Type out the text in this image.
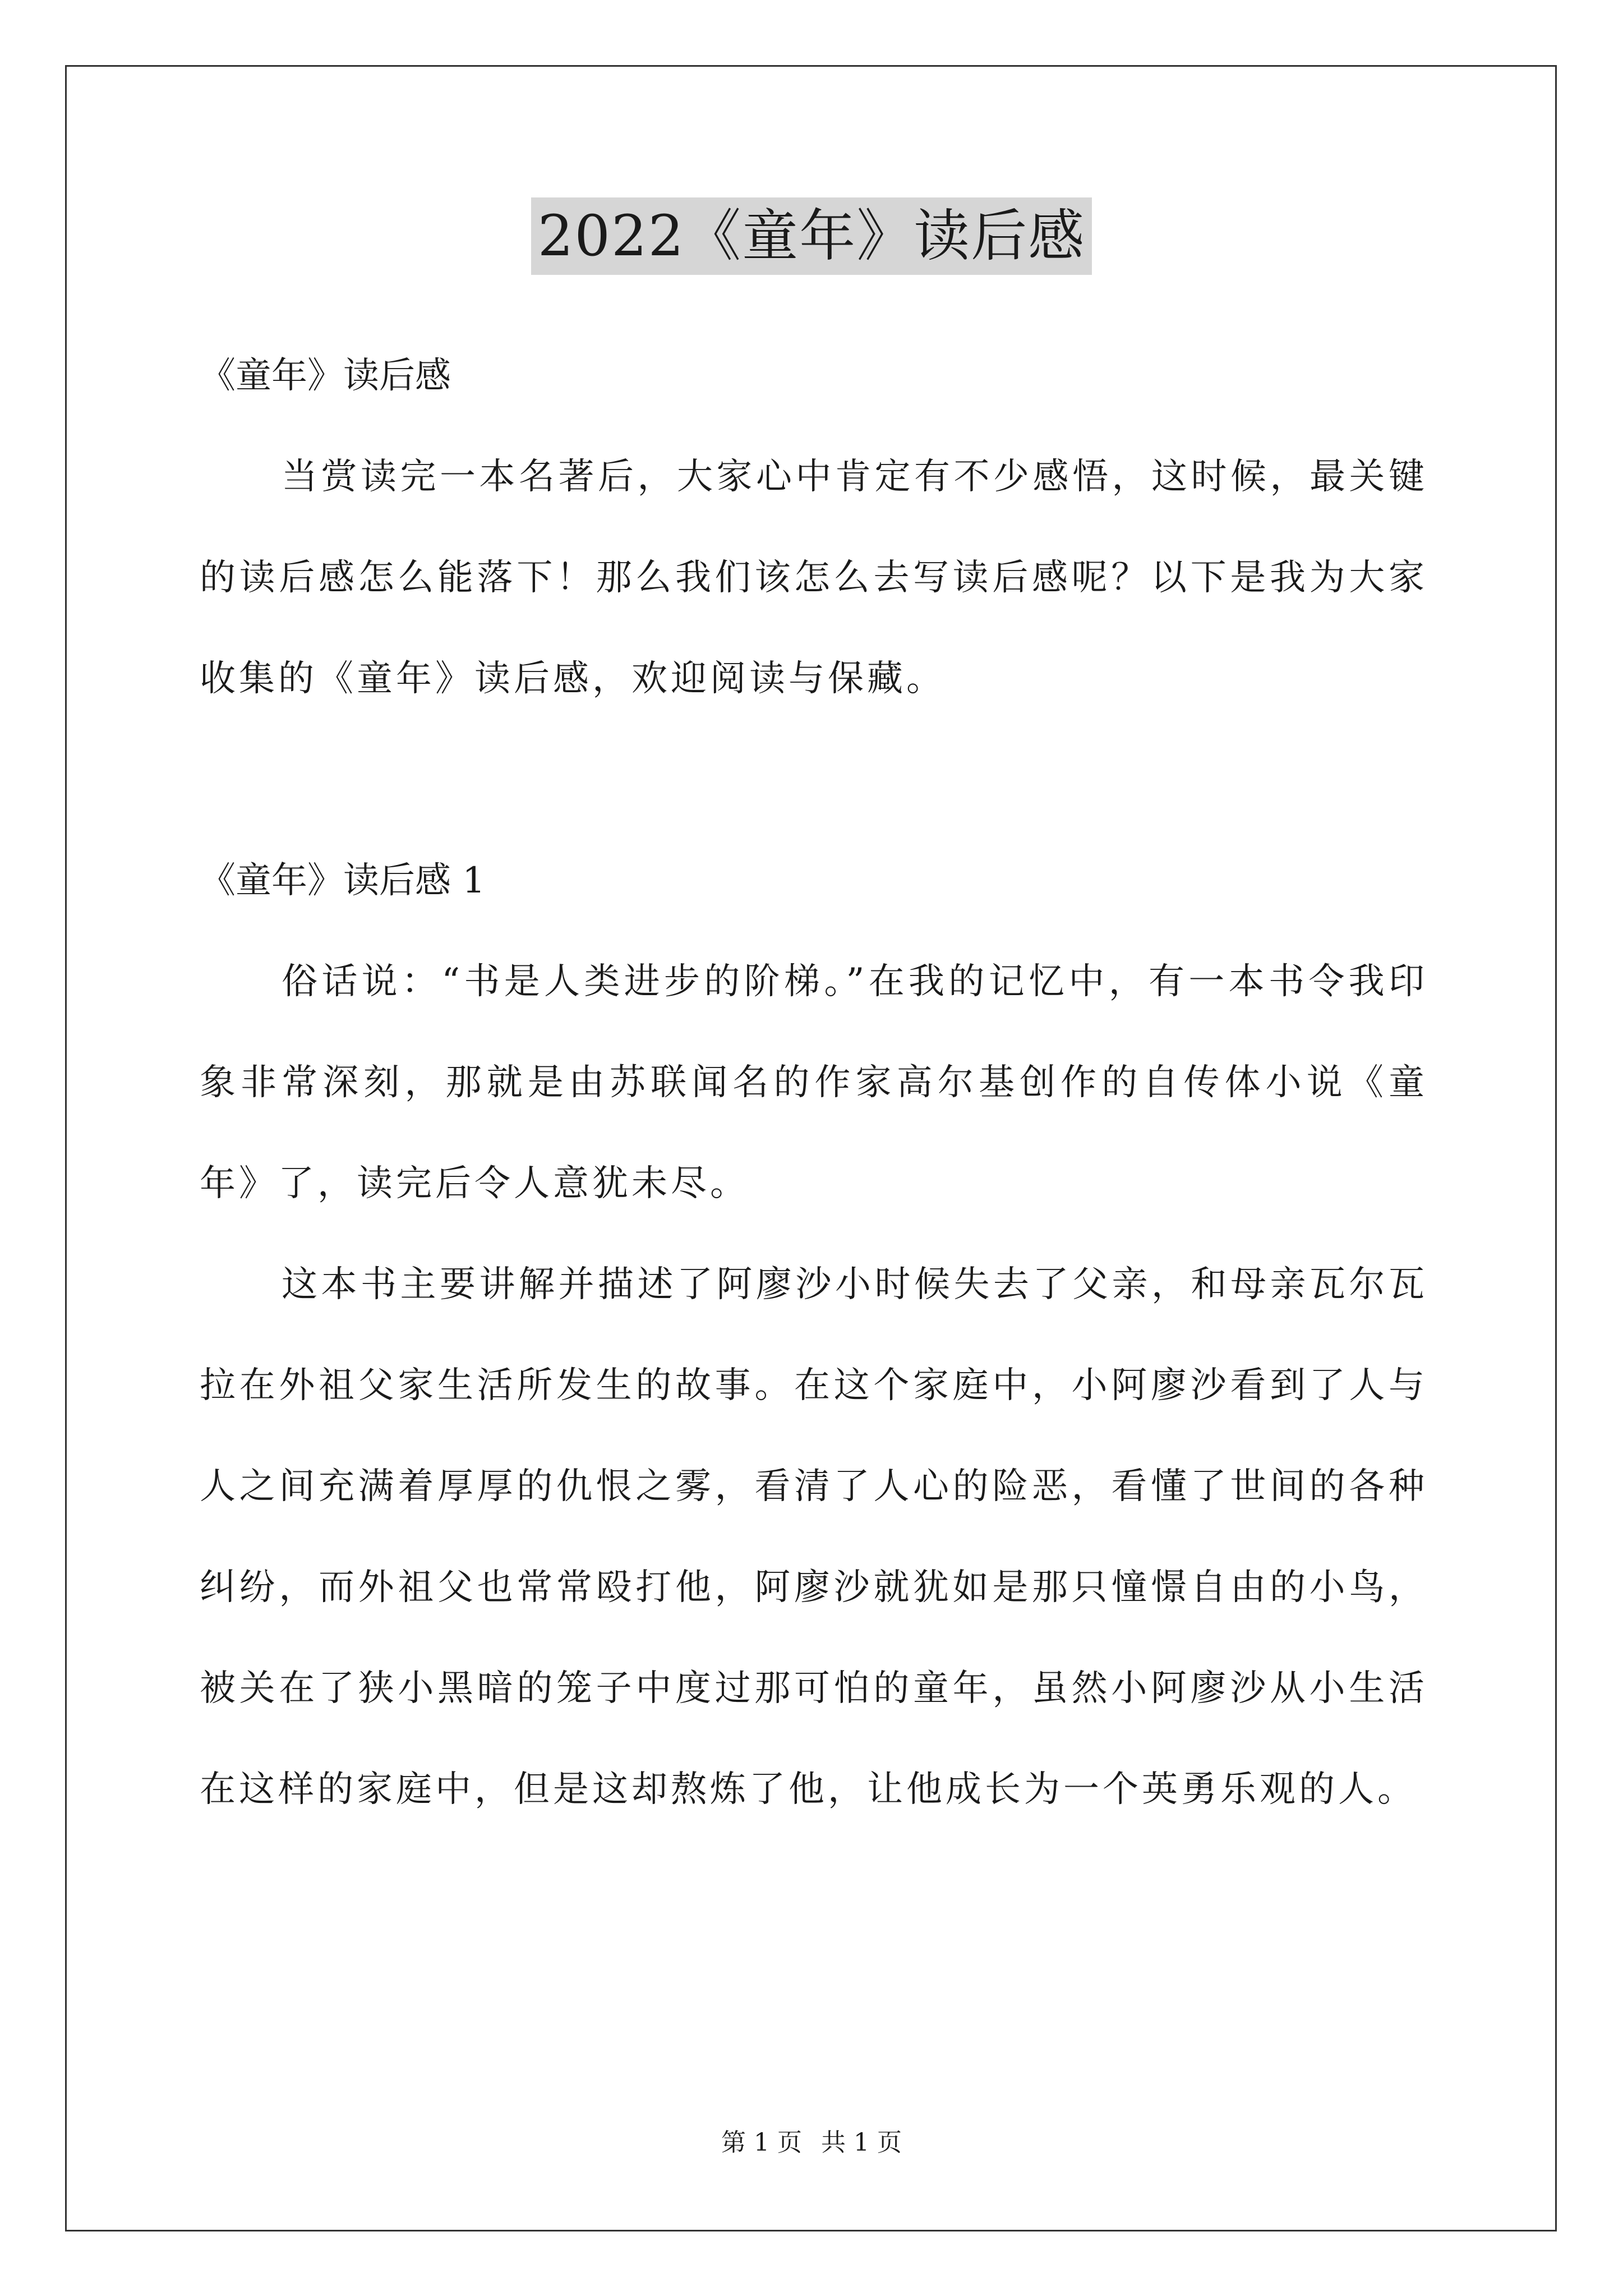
2022《童年》读后感

《童年》读后感

当赏读完一本名著后，大家心中肯定有不少感悟，这时候，最关键的读后感怎么能落下！那么我们该怎么去写读后感呢？以下是我为大家收集的《童年》读后感，欢迎阅读与保藏。

《童年》读后感 1

俗话说：“书是人类进步的阶梯。”在我的记忆中，有一本书令我印象非常深刻，那就是由苏联闻名的作家高尔基创作的自传体小说《童年》了，读完后令人意犹未尽。

这本书主要讲解并描述了阿廖沙小时候失去了父亲，和母亲瓦尔瓦拉在外祖父家生活所发生的故事。在这个家庭中，小阿廖沙看到了人与人之间充满着厚厚的仇恨之雾，看清了人心的险恶，看懂了世间的各种纠纷，而外祖父也常常殴打他，阿廖沙就犹如是那只憧憬自由的小鸟，被关在了狭小黑暗的笼子中度过那可怕的童年，虽然小阿廖沙从小生活在这样的家庭中，但是这却熬炼了他，让他成长为一个英勇乐观的人。

第 1 页 共 1 页
